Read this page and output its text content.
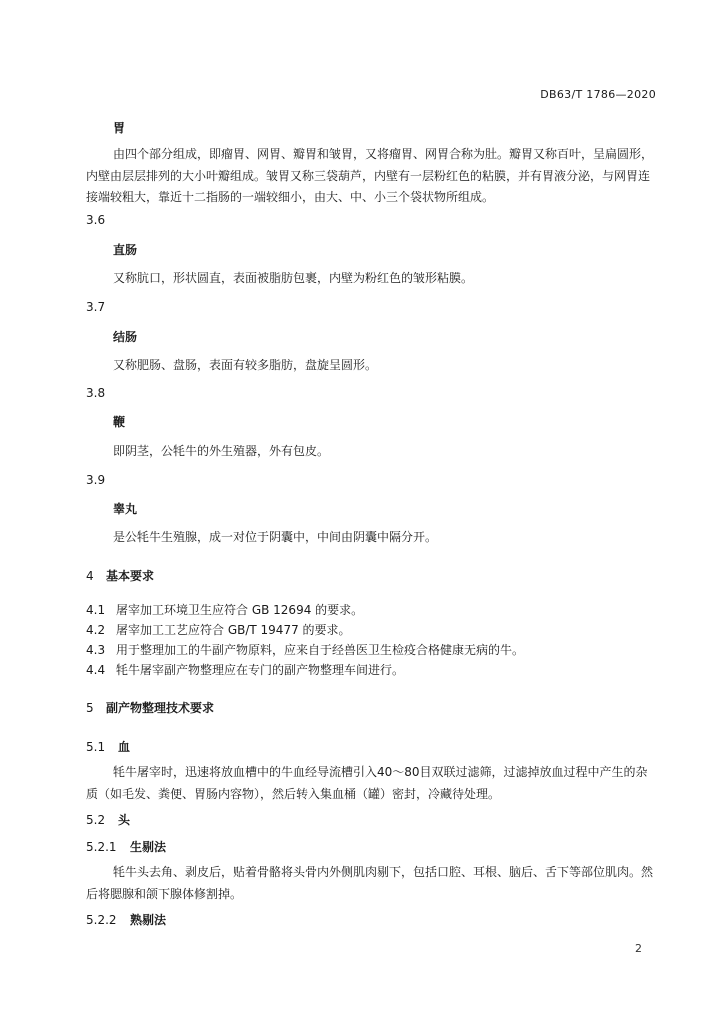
DB63/T 1786—2020
胃
由四个部分组成，即瘤胃、网胃、瓣胃和皱胃，又将瘤胃、网胃合称为肚。瓣胃又称百叶，呈扁圆形，内壁由层层排列的大小叶瓣组成。皱胃又称三袋葫芦，内壁有一层粉红色的粘膜，并有胃液分泌，与网胃连接端较粗大，靠近十二指肠的一端较细小，由大、中、小三个袋状物所组成。
3.6
直肠
又称肮口，形状圆直，表面被脂肪包裹，内壁为粉红色的皱形粘膜。
3.7
结肠
又称肥肠、盘肠，表面有较多脂肪，盘旋呈圆形。
3.8
鞭
即阴茎，公牦牛的外生殖器，外有包皮。
3.9
睾丸
是公牦牛生殖腺，成一对位于阴囊中，中间由阴囊中隔分开。
4 基本要求
4.1 屠宰加工环境卫生应符合 GB 12694 的要求。
4.2 屠宰加工工艺应符合 GB/T 19477 的要求。
4.3 用于整理加工的牛副产物原料，应来自于经兽医卫生检疫合格健康无病的牛。
4.4 牦牛屠宰副产物整理应在专门的副产物整理车间进行。
5 副产物整理技术要求
5.1 血
牦牛屠宰时，迅速将放血槽中的牛血经导流槽引入40～80目双联过滤筛，过滤掉放血过程中产生的杂质（如毛发、粪便、胃肠内容物），然后转入集血桶（罐）密封，冷藏待处理。
5.2 头
5.2.1 生剔法
牦牛头去角、剥皮后，贴着骨骼将头骨内外侧肌肉剔下，包括口腔、耳根、脑后、舌下等部位肌肉。然后将腮腺和颌下腺体修割掉。
5.2.2 熟剔法
2
